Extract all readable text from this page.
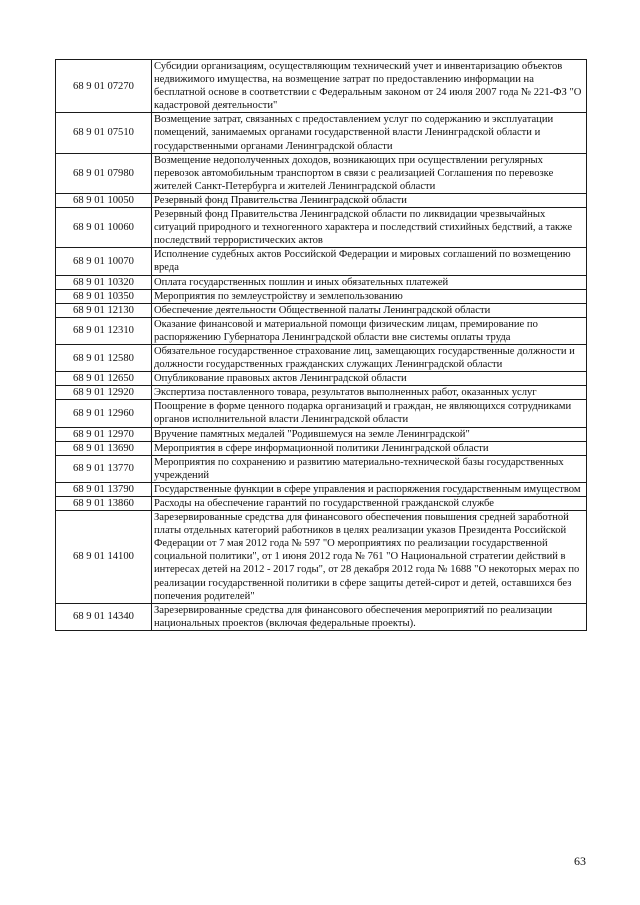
68 9 01 07270	Субсидии организациям, осуществляющим технический учет и инвентаризацию объектов недвижимого имущества, на возмещение затрат по предоставлению информации на бесплатной основе в соответствии с Федеральным законом от 24 июля 2007 года № 221-ФЗ "О кадастровой деятельности"
68 9 01 07510	Возмещение затрат, связанных с предоставлением услуг по содержанию и эксплуатации помещений, занимаемых органами государственной власти Ленинградской области и государственными органами Ленинградской области
68 9 01 07980	Возмещение недополученных доходов, возникающих при осуществлении регулярных перевозок автомобильным транспортом в связи с реализацией Соглашения по перевозке жителей Санкт-Петербурга и жителей Ленинградской области
68 9 01 10050	Резервный фонд Правительства Ленинградской области
68 9 01 10060	Резервный фонд Правительства Ленинградской области по ликвидации чрезвычайных ситуаций природного и техногенного характера и последствий стихийных бедствий, а также последствий террористических актов
68 9 01 10070	Исполнение судебных актов Российской Федерации и мировых соглашений по возмещению вреда
68 9 01 10320	Оплата государственных пошлин и иных обязательных платежей
68 9 01 10350	Мероприятия по землеустройству и землепользованию
68 9 01 12130	Обеспечение деятельности Общественной палаты Ленинградской области
68 9 01 12310	Оказание финансовой и материальной помощи физическим лицам, премирование по распоряжению Губернатора Ленинградской области вне системы оплаты труда
68 9 01 12580	Обязательное государственное страхование лиц, замещающих государственные должности и должности государственных гражданских служащих Ленинградской области
68 9 01 12650	Опубликование правовых актов Ленинградской области
68 9 01 12920	Экспертиза поставленного товара, результатов выполненных работ, оказанных услуг
68 9 01 12960	Поощрение в форме ценного подарка организаций и граждан, не являющихся сотрудниками органов исполнительной власти Ленинградской области
68 9 01 12970	Вручение памятных медалей "Родившемуся на земле Ленинградской"
68 9 01 13690	Мероприятия в сфере информационной политики Ленинградской области
68 9 01 13770	Мероприятия по сохранению и развитию материально-технической базы государственных учреждений
68 9 01 13790	Государственные функции в сфере управления и распоряжения государственным имуществом
68 9 01 13860	Расходы на обеспечение гарантий по государственной гражданской службе
68 9 01 14100	Зарезервированные средства для финансового обеспечения повышения средней заработной платы отдельных категорий работников в целях реализации указов Президента Российской Федерации от 7 мая 2012 года № 597 "О мероприятиях по реализации государственной социальной политики", от 1 июня 2012 года № 761 "О Национальной стратегии действий в интересах детей на 2012 - 2017 годы", от 28 декабря 2012 года № 1688 "О некоторых мерах по реализации государственной политики в сфере защиты детей-сирот и детей, оставшихся без попечения родителей"
68 9 01 14340	Зарезервированные средства для финансового обеспечения мероприятий по реализации национальных проектов (включая федеральные проекты).
63
